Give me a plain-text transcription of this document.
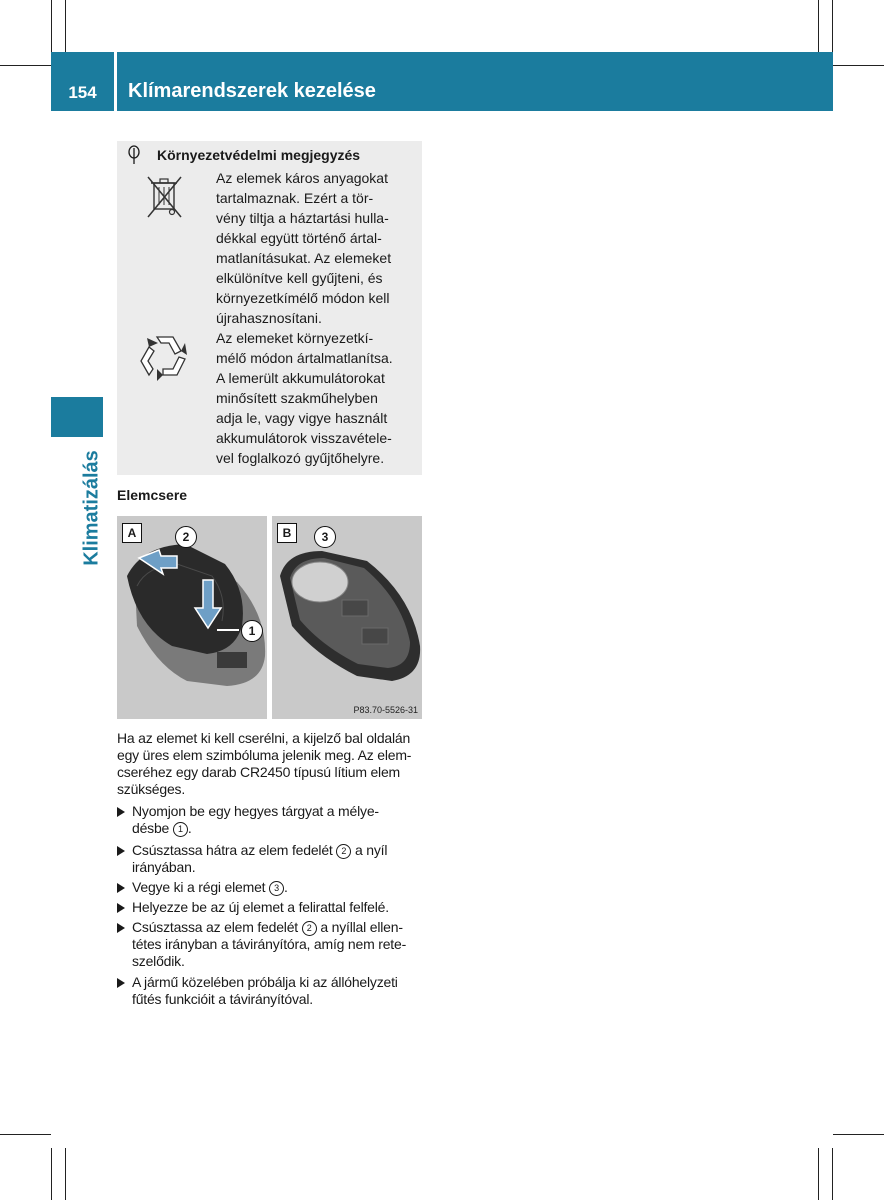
154	Klímarendszerek kezelése
Klimatizálás
Környezetvédelmi megjegyzés
Az elemek káros anyagokat
tartalmaznak. Ezért a tör-
vény tiltja a háztartási hulla-
dékkal együtt történő ártal-
matlanításukat. Az elemeket
elkülönítve kell gyűjteni, és
környezetkímélő módon kell
újrahasznosítani.
Az elemeket környezetkí-
mélő módon ártalmatlanítsa.
A lemerült akkumulátorokat
minősített szakműhelyben
adja le, vagy vigye használt
akkumulátorok visszavétele-
vel foglalkozó gyűjtőhelyre.
Elemcsere
A	2
1
B	3
P83.70-5526-31
Ha az elemet ki kell cserélni, a kijelző bal oldalán
egy üres elem szimbóluma jelenik meg. Az elem-
cseréhez egy darab CR2450 típusú lítium elem
szükséges.
Nyomjon be egy hegyes tárgyat a mélye-
désbe 1 .
Csúsztassa hátra az elem fedelét 2 a nyíl
irányában.
Vegye ki a régi elemet 3 .
Helyezze be az új elemet a felirattal felfelé.
Csúsztassa az elem fedelét 2 a nyíllal ellen-
tétes irányban a távirányítóra, amíg nem rete-
szelődik.
A jármű közelében próbálja ki az állóhelyzeti
fűtés funkcióit a távirányítóval.
